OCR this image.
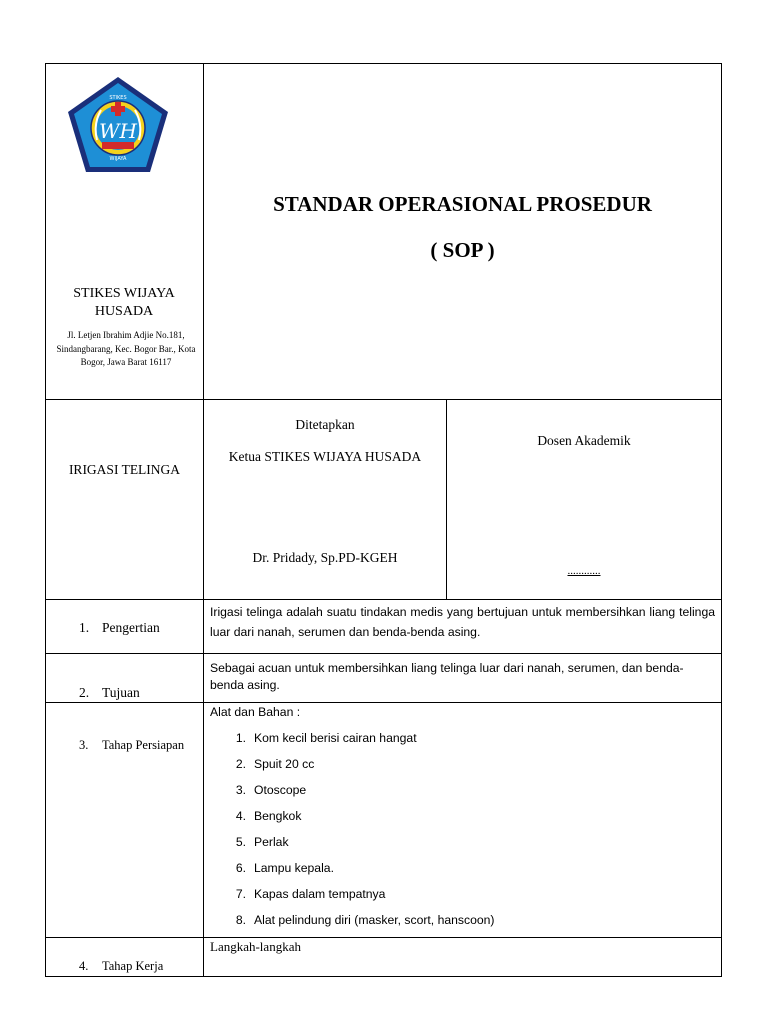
WH
STIKES
WIJAYA
STIKES WIJAYA HUSADA
Jl. Letjen Ibrahim Adjie No.181, Sindangbarang, Kec. Bogor Bar., Kota Bogor, Jawa Barat 16117
STANDAR OPERASIONAL PROSEDUR
( SOP )
IRIGASI TELINGA
Ditetapkan
Ketua STIKES WIJAYA HUSADA
Dr. Pridady, Sp.PD-KGEH
Dosen Akademik
............
1. Pengertian
Irigasi telinga adalah suatu tindakan medis yang bertujuan untuk membersihkan liang telinga luar dari nanah, serumen dan benda-benda asing.
2. Tujuan
Sebagai acuan untuk membersihkan liang telinga luar dari nanah, serumen, dan benda-benda asing.
3. Tahap Persiapan
Alat dan Bahan :
1. Kom kecil berisi cairan hangat
2. Spuit 20 cc
3. Otoscope
4. Bengkok
5. Perlak
6. Lampu kepala.
7. Kapas dalam tempatnya
8. Alat pelindung diri (masker, scort, hanscoon)
4. Tahap Kerja
Langkah-langkah
